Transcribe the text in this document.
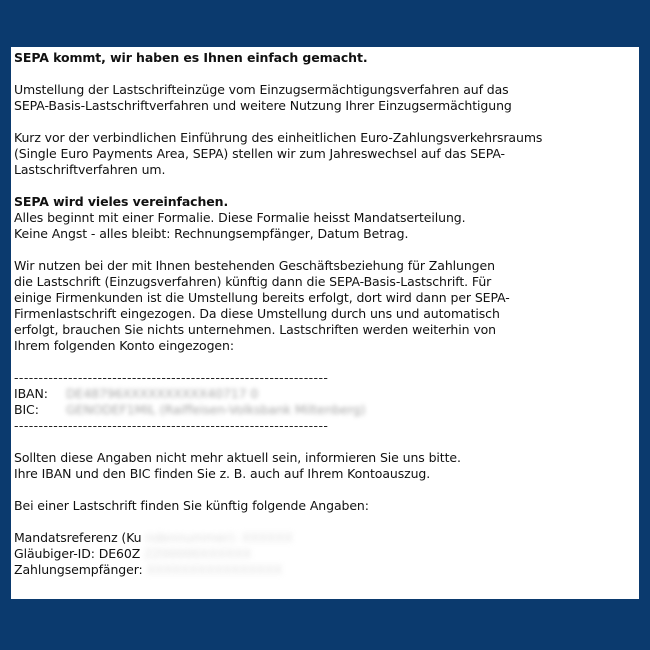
SEPA kommt, wir haben es Ihnen einfach gemacht.
Umstellung der Lastschrifteinzüge vom Einzugsermächtigungsverfahren auf das
SEPA-Basis-Lastschriftverfahren und weitere Nutzung Ihrer Einzugsermächtigung
Kurz vor der verbindlichen Einführung des einheitlichen Euro-Zahlungsverkehrsraums
(Single Euro Payments Area, SEPA) stellen wir zum Jahreswechsel auf das SEPA-
Lastschriftverfahren um.
SEPA wird vieles vereinfachen.
Alles beginnt mit einer Formalie. Diese Formalie heisst Mandatserteilung.
Keine Angst - alles bleibt: Rechnungsempfänger, Datum Betrag.
Wir nutzen bei der mit Ihnen bestehenden Geschäftsbeziehung für Zahlungen
die Lastschrift (Einzugsverfahren) künftig dann die SEPA-Basis-Lastschrift. Für
einige Firmenkunden ist die Umstellung bereits erfolgt, dort wird dann per SEPA-
Firmenlastschrift eingezogen. Da diese Umstellung durch uns und automatisch
erfolgt, brauchen Sie nichts unternehmen. Lastschriften werden weiterhin von
Ihrem folgenden Konto eingezogen:
----------------------------------------------------------------
IBAN:	DE48796XXXXXXXXXX40717 0
BIC:	GENODEF1MIL (Raiffeisen-Volksbank Miltenberg)
----------------------------------------------------------------
Sollten diese Angaben nicht mehr aktuell sein, informieren Sie uns bitte.
Ihre IBAN und den BIC finden Sie z. B. auch auf Ihrem Kontoauszug.
Bei einer Lastschrift finden Sie künftig folgende Angaben:
Mandatsreferenz (Ku ndennummer): XXXXXX
Gläubiger-ID: DE60Z ZZ00000XXXXXX
Zahlungsempfänger: XXXXXXXXXXXXXXXX
